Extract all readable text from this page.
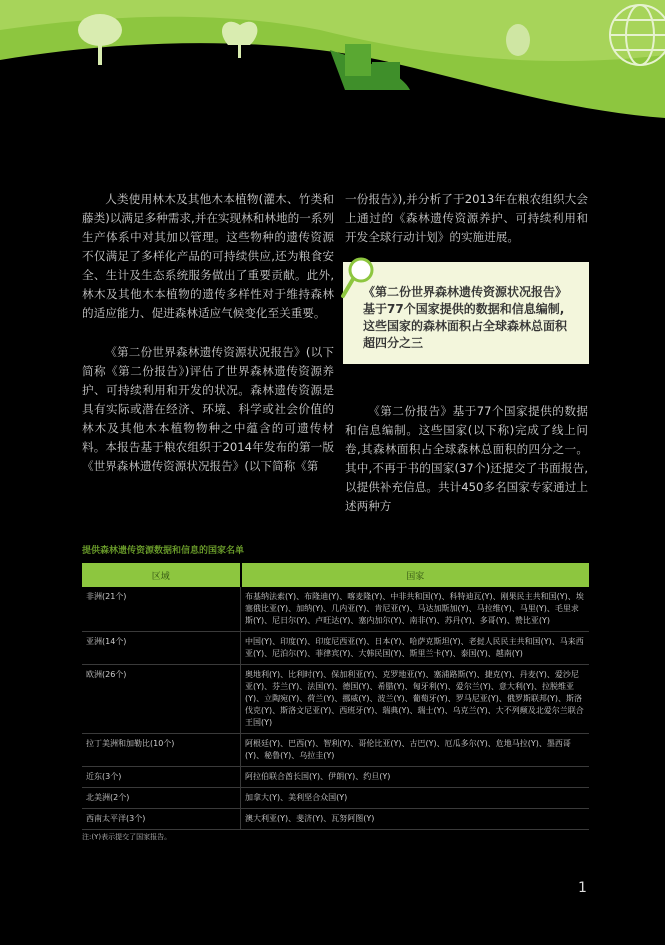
人类使用林木及其他木本植物(灌木、竹类和藤类)以满足多种需求,并在实现林和林地的一系列生产体系中对其加以管理。这些物种的遗传资源不仅满足了多样化产品的可持续供应,还为粮食安全、生计及生态系统服务做出了重要贡献。此外,林木及其他木本植物的遗传多样性对于维持森林的适应能力、促进森林适应气候变化至关重要。

《第二份世界森林遗传资源状况报告》(以下简称《第二份报告》)评估了世界森林遗传资源养护、可持续利用和开发的状况。森林遗传资源是具有实际或潜在经济、环境、科学或社会价值的林木及其他木本植物物种之中蕴含的可遗传材料。本报告基于粮农组织于2014年发布的第一版《世界森林遗传资源状况报告》(以下简称《第

一份报告》),并分析了于2013年在粮农组织大会上通过的《森林遗传资源养护、可持续利用和开发全球行动计划》的实施进展。

《第二份世界森林遗传资源状况报告》基于77个国家提供的数据和信息编制,这些国家的森林面积占全球森林总面积超四分之三

《第二份报告》基于77个国家提供的数据和信息编制。这些国家(以下称)完成了线上问卷,其森林面积占全球森林总面积的四分之一。其中,不再于书的国家(37个)还提交了书面报告,以提供补充信息。共计450多名国家专家通过上述两种方

提供森林遗传资源数据和信息的国家名单

区域	国家
非洲(21个)	布基纳法索(Y)、布隆迪(Y)、喀麦隆(Y)、中非共和国(Y)、科特迪瓦(Y)、刚果民主共和国(Y)、埃塞俄比亚(Y)、加纳(Y)、几内亚(Y)、肯尼亚(Y)、马达加斯加(Y)、马拉维(Y)、马里(Y)、毛里求斯(Y)、尼日尔(Y)、卢旺达(Y)、塞内加尔(Y)、南非(Y)、苏丹(Y)、多哥(Y)、赞比亚(Y)
亚洲(14个)	中国(Y)、印度(Y)、印度尼西亚(Y)、日本(Y)、哈萨克斯坦(Y)、老挝人民民主共和国(Y)、马来西亚(Y)、尼泊尔(Y)、菲律宾(Y)、大韩民国(Y)、斯里兰卡(Y)、泰国(Y)、越南(Y)
欧洲(26个)	奥地利(Y)、比利时(Y)、保加利亚(Y)、克罗地亚(Y)、塞浦路斯(Y)、捷克(Y)、丹麦(Y)、爱沙尼亚(Y)、芬兰(Y)、法国(Y)、德国(Y)、希腊(Y)、匈牙利(Y)、爱尔兰(Y)、意大利(Y)、拉脱维亚(Y)、立陶宛(Y)、荷兰(Y)、挪威(Y)、波兰(Y)、葡萄牙(Y)、罗马尼亚(Y)、俄罗斯联邦(Y)、斯洛伐克(Y)、斯洛文尼亚(Y)、西班牙(Y)、瑞典(Y)、瑞士(Y)、乌克兰(Y)、大不列颠及北爱尔兰联合王国(Y)
拉丁美洲和加勒比(10个)	阿根廷(Y)、巴西(Y)、智利(Y)、哥伦比亚(Y)、古巴(Y)、厄瓜多尔(Y)、危地马拉(Y)、墨西哥(Y)、秘鲁(Y)、乌拉圭(Y)
近东(3个)	阿拉伯联合酋长国(Y)、伊朗(Y)、约旦(Y)
北美洲(2个)	加拿大(Y)、美利坚合众国(Y)
西南太平洋(3个)	澳大利亚(Y)、斐济(Y)、瓦努阿图(Y)

注:(Y)表示提交了国家报告。

1
